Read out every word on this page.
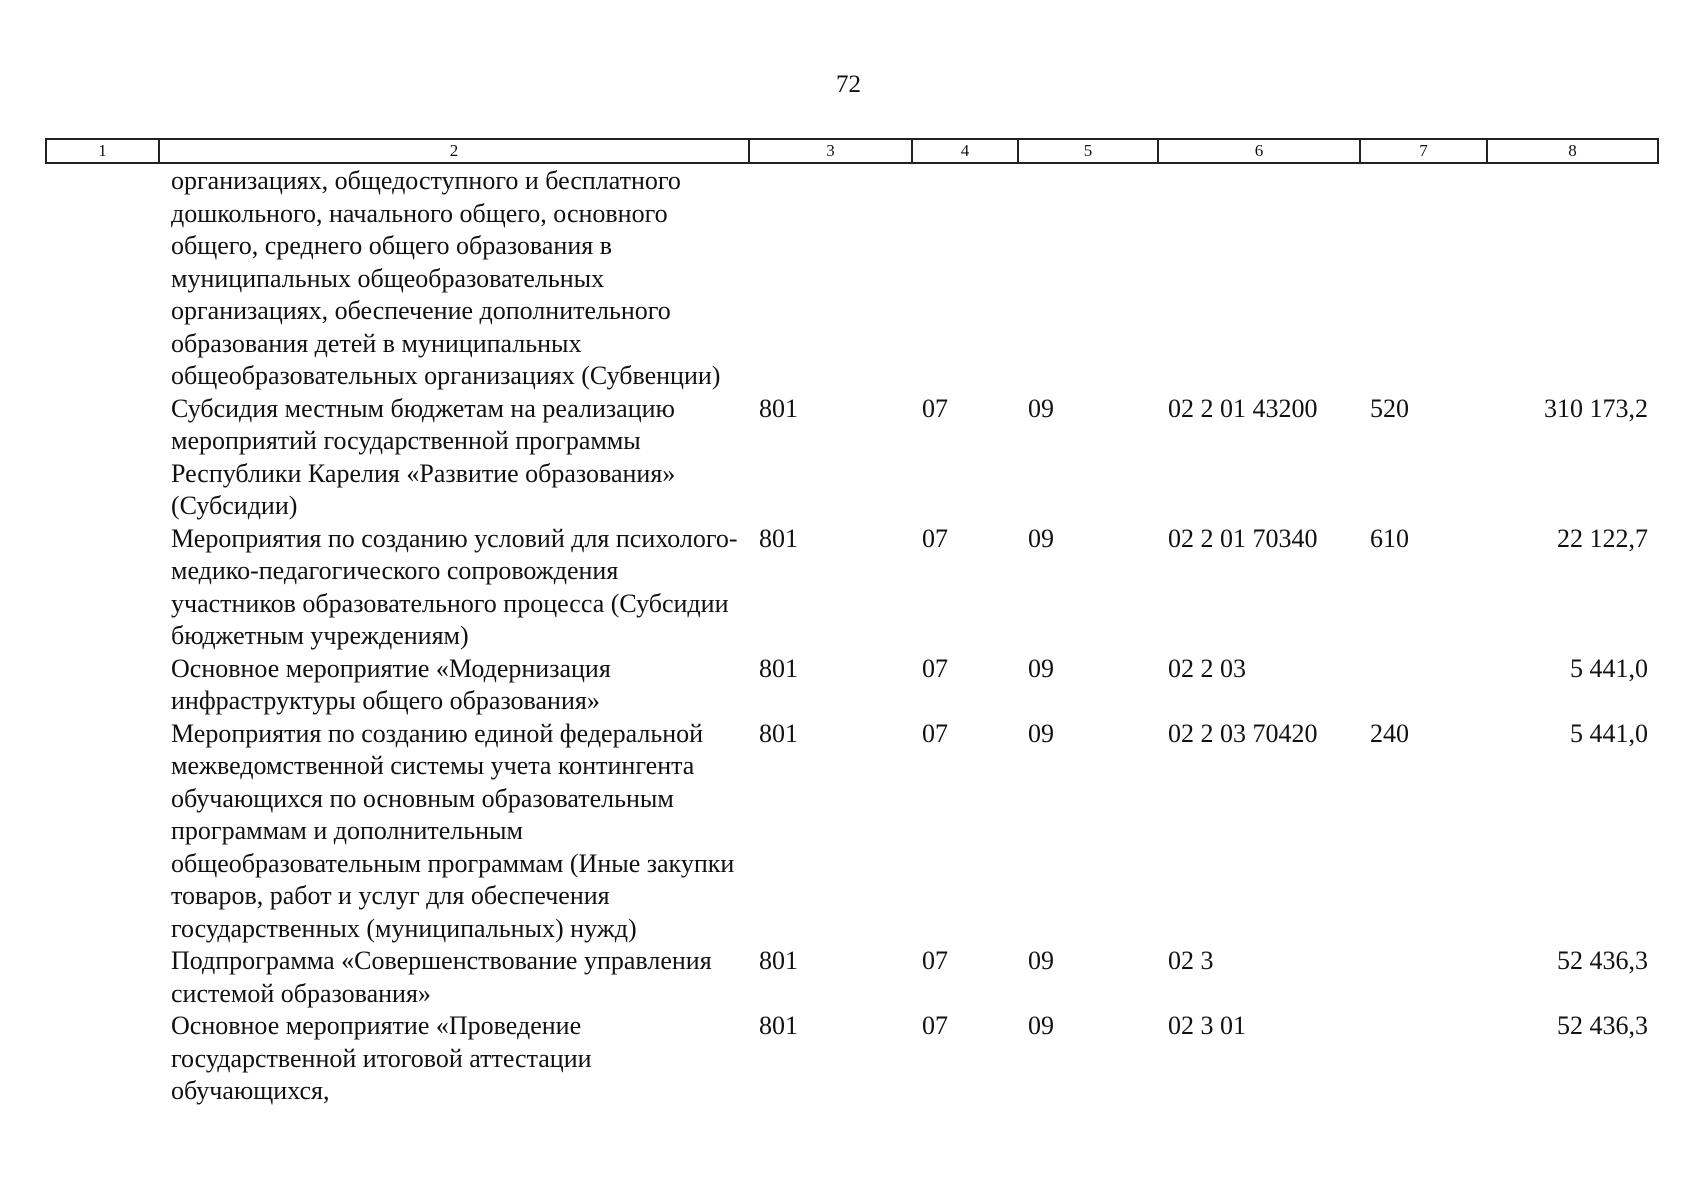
72
1	2	3	4	5	6	7	8
	организациях, общедоступного и бесплатного дошкольного, начального общего, основного общего, среднего общего образования в муниципальных общеобразовательных организациях, обеспечение дополнительного образования детей в муниципальных общеобразовательных организациях (Субвенции)						
	Субсидия местным бюджетам на реализацию мероприятий государственной программы Республики Карелия «Развитие образования» (Субсидии)	801	07	09	02 2 01 43200	520	310 173,2
	Мероприятия по созданию условий для психолого-медико-педагогического сопровождения участников образовательного процесса (Субсидии бюджетным учреждениям)	801	07	09	02 2 01 70340	610	22 122,7
	Основное мероприятие «Модернизация инфраструктуры общего образования»	801	07	09	02 2 03		5 441,0
	Мероприятия по созданию единой федеральной межведомственной системы учета контингента обучающихся по основным образовательным программам и дополнительным общеобразовательным программам (Иные закупки товаров, работ и услуг для обеспечения государственных (муниципальных) нужд)	801	07	09	02 2 03 70420	240	5 441,0
	Подпрограмма «Совершенствование управления системой образования»	801	07	09	02 3		52 436,3
	Основное мероприятие «Проведение государственной итоговой аттестации обучающихся,	801	07	09	02 3 01		52 436,3
